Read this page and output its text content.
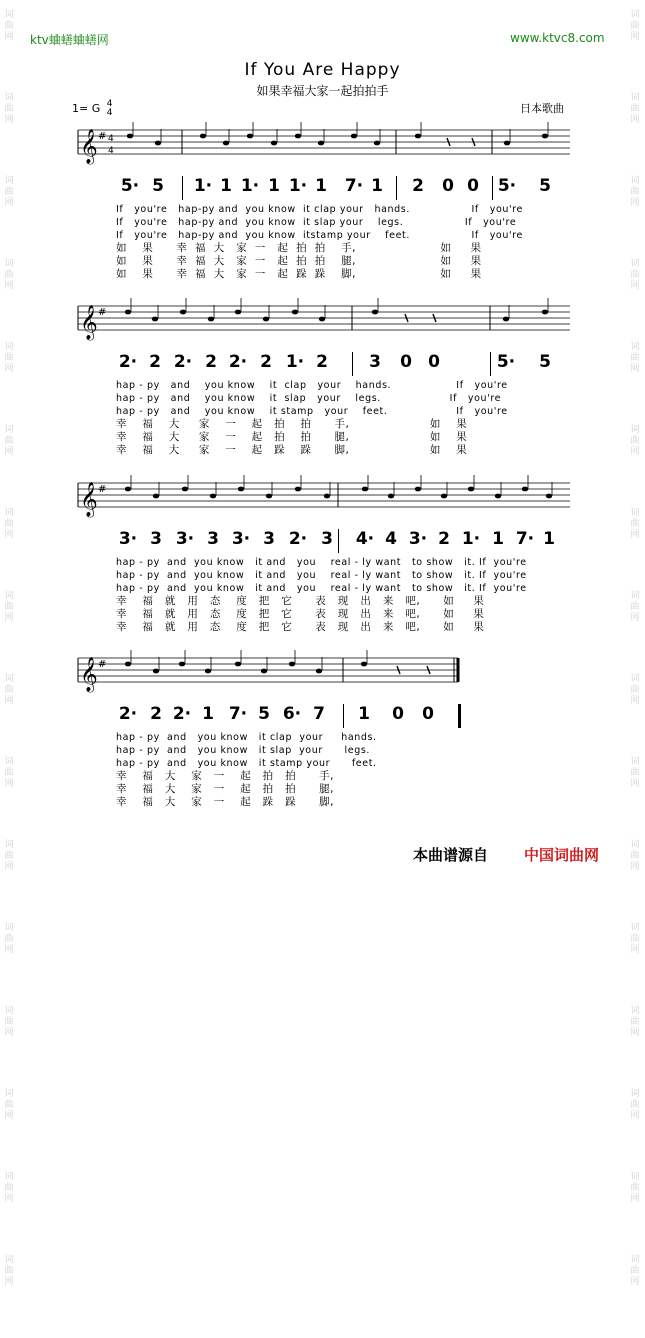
词
曲
网
词
曲
网
词
曲
网
词
曲
网
词
曲
网
词
曲
网
词
曲
网
词
曲
网
词
曲
网
词
曲
网
词
曲
网
词
曲
网
词
曲
网
词
曲
网
词
曲
网
词
曲
网
词
曲
网
词
曲
网
词
曲
网
词
曲
网
词
曲
网
词
曲
网
词
曲
网
词
曲
网
词
曲
网
词
曲
网
词
曲
网
词
曲
网
词
曲
网
词
曲
网
词
曲
网
词
曲
网
ktv蛐蟮蛐蟮网	www.ktvc8.com
If You Are Happy
如果幸福大家一起拍拍手
1= G 4
4	日本歌曲
𝄞 # 4
4
5· 5 1· 1 1· 1 1· 1 7· 1 2 0 0 5· 5
If   you're   hap-py and  you know  it clap your   hands.                 If   you're
If   you're   hap-py and  you know  it slap your    legs.                 If   you're
If   you're   hap-py and  you know  itstamp your    feet.                 If   you're
如    果      幸  福  大   家  一   起  拍  拍    手,                      如     果
如    果      幸  福  大   家  一   起  拍  拍    腿,                      如     果
如    果      幸  福  大   家  一   起  跺  跺    脚,                      如     果
𝄞 #
2· 2 2· 2 2· 2 1· 2 3 0 0	5· 5
hap - py   and    you know    it  clap   your    hands.                  If   you're
hap - py   and    you know    it  slap   your    legs.                   If   you're
hap - py   and    you know    it stamp   your    feet.                   If   you're
幸    福    大     家    一    起   拍    拍      手,                     如    果
幸    福    大     家    一    起   拍    拍      腿,                     如    果
幸    福    大     家    一    起   跺    跺      脚,                     如    果
𝄞 #
3· 3 3· 3 3· 3 2· 3 4· 4 3· 2 1· 1 7· 1
hap - py  and  you know   it and   you    real - ly want   to show   it. If  you're
hap - py  and  you know   it and   you    real - ly want   to show   it. If  you're
hap - py  and  you know   it and   you    real - ly want   to show   it. If  you're
幸    福   就   用   态    度   把   它      表   现   出   来   吧,      如     果
幸    福   就   用   态    度   把   它      表   现   出   来   吧,      如     果
幸    福   就   用   态    度   把   它      表   现   出   来   吧,      如     果
𝄞 #
2· 2 2· 1 7· 5 6· 7 1 0 0
hap - py  and   you know   it clap  your     hands.
hap - py  and   you know   it slap  your      legs.
hap - py  and   you know   it stamp your      feet.
幸    福   大    家   一    起   拍   拍      手,
幸    福   大    家   一    起   拍   拍      腿,
幸    福   大    家   一    起   跺   跺      脚,
本曲谱源自 中国词曲网
